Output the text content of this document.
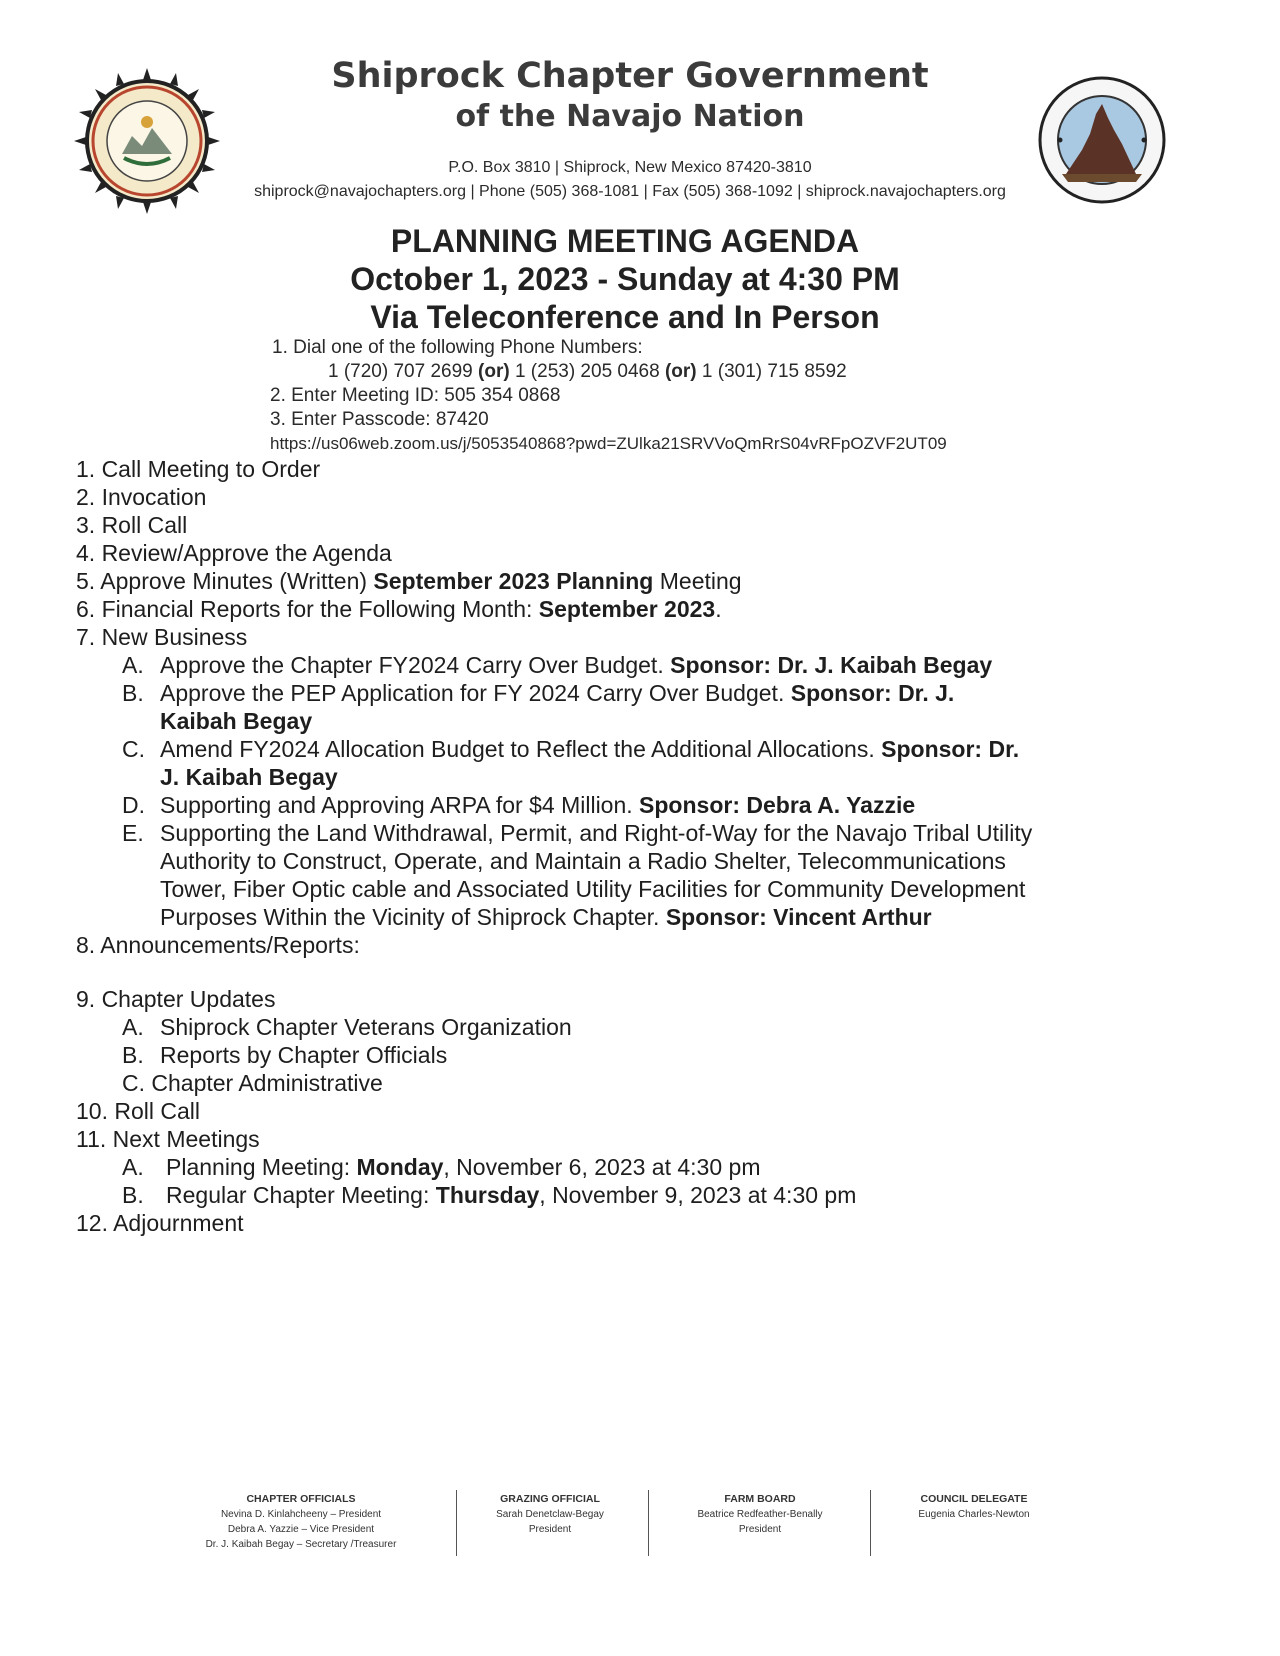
Shiprock Chapter Government
of the Navajo Nation
P.O. Box 3810 | Shiprock, New Mexico 87420-3810
shiprock@navajochapters.org | Phone (505) 368-1081 | Fax (505) 368-1092 | shiprock.navajochapters.org
PLANNING MEETING AGENDA
October 1, 2023 - Sunday at 4:30 PM
Via Teleconference and In Person
1. Dial one of the following Phone Numbers:
1 (720) 707 2699 (or) 1 (253) 205 0468 (or) 1 (301) 715 8592
2. Enter Meeting ID: 505 354 0868
3. Enter Passcode: 87420
https://us06web.zoom.us/j/5053540868?pwd=ZUlka21SRVVoQmRrS04vRFpOZVF2UT09
1. Call Meeting to Order
2. Invocation
3. Roll Call
4. Review/Approve the Agenda
5. Approve Minutes (Written) September 2023 Planning Meeting
6. Financial Reports for the Following Month: September 2023.
7. New Business
A. Approve the Chapter FY2024 Carry Over Budget. Sponsor: Dr. J. Kaibah Begay
B. Approve the PEP Application for FY 2024 Carry Over Budget. Sponsor: Dr. J.
Kaibah Begay
C. Amend FY2024 Allocation Budget to Reflect the Additional Allocations. Sponsor: Dr.
J. Kaibah Begay
D. Supporting and Approving ARPA for $4 Million. Sponsor: Debra A. Yazzie
E. Supporting the Land Withdrawal, Permit, and Right-of-Way for the Navajo Tribal Utility
Authority to Construct, Operate, and Maintain a Radio Shelter, Telecommunications
Tower, Fiber Optic cable and Associated Utility Facilities for Community Development
Purposes Within the Vicinity of Shiprock Chapter. Sponsor: Vincent Arthur
8. Announcements/Reports:
9. Chapter Updates
A. Shiprock Chapter Veterans Organization
B. Reports by Chapter Officials
C. Chapter Administrative
10. Roll Call
11. Next Meetings
A. Planning Meeting: Monday, November 6, 2023 at 4:30 pm
B. Regular Chapter Meeting: Thursday, November 9, 2023 at 4:30 pm
12. Adjournment
CHAPTER OFFICIALS
Nevina D. Kinlahcheeny – President
Debra A. Yazzie – Vice President
Dr. J. Kaibah Begay – Secretary /Treasurer
GRAZING OFFICIAL
Sarah Denetclaw-Begay
President
FARM BOARD
Beatrice Redfeather-Benally
President
COUNCIL DELEGATE
Eugenia Charles-Newton
